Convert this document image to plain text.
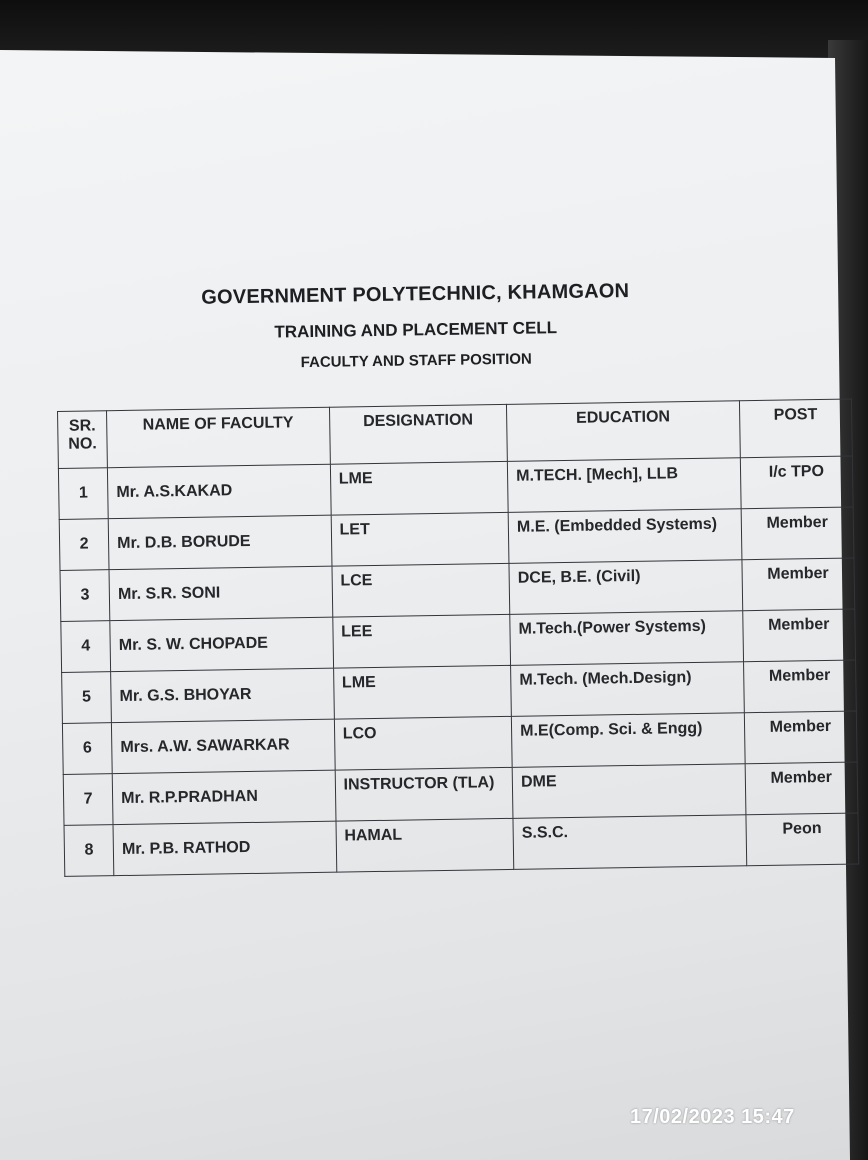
GOVERNMENT POLYTECHNIC, KHAMGAON
TRAINING AND PLACEMENT CELL
FACULTY AND STAFF POSITION
SR. NO.	NAME OF FACULTY	DESIGNATION	EDUCATION	POST
1	Mr. A.S.KAKAD	LME	M.TECH. [Mech], LLB	I/c TPO
2	Mr. D.B. BORUDE	LET	M.E. (Embedded Systems)	Member
3	Mr. S.R. SONI	LCE	DCE, B.E. (Civil)	Member
4	Mr. S. W. CHOPADE	LEE	M.Tech.(Power Systems)	Member
5	Mr. G.S. BHOYAR	LME	M.Tech. (Mech.Design)	Member
6	Mrs. A.W. SAWARKAR	LCO	M.E(Comp. Sci. & Engg)	Member
7	Mr. R.P.PRADHAN	INSTRUCTOR (TLA)	DME	Member
8	Mr. P.B. RATHOD	HAMAL	S.S.C.	Peon
17/02/2023 15:47
